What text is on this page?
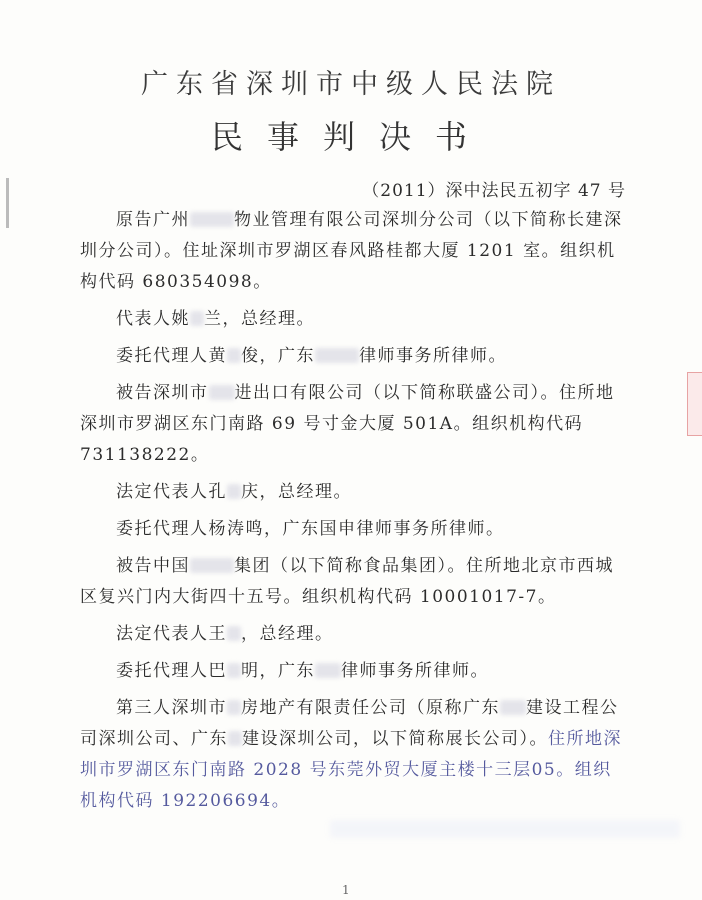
广东省深圳市中级人民法院
民事判决书
（2011）深中法民五初字 47 号

原告广州	物业管理有限公司深圳分公司（以下简称长建深圳分公司）。住址深圳市罗湖区春风路桂都大厦 1201 室。组织机构代码 680354098。

代表人姚 兰，总经理。

委托代理人黄 俊，广东	律师事务所律师。

被告深圳市 进出口有限公司（以下简称联盛公司）。住所地深圳市罗湖区东门南路 69 号寸金大厦 501A。组织机构代码731138222。

法定代表人孔 庆，总经理。

委托代理人杨涛鸣，广东国申律师事务所律师。

被告中国	集团（以下简称食品集团）。住所地北京市西城区复兴门内大街四十五号。组织机构代码 10001017-7。

法定代表人王 ，总经理。

委托代理人巴 明，广东 律师事务所律师。

第三人深圳市 房地产有限责任公司（原称广东 建设工程公司深圳公司、广东 建设深圳公司，以下简称展长公司）。住所地深圳市罗湖区东门南路 2028 号东莞外贸大厦主楼十三层05。组织机构代码 192206694。

1
